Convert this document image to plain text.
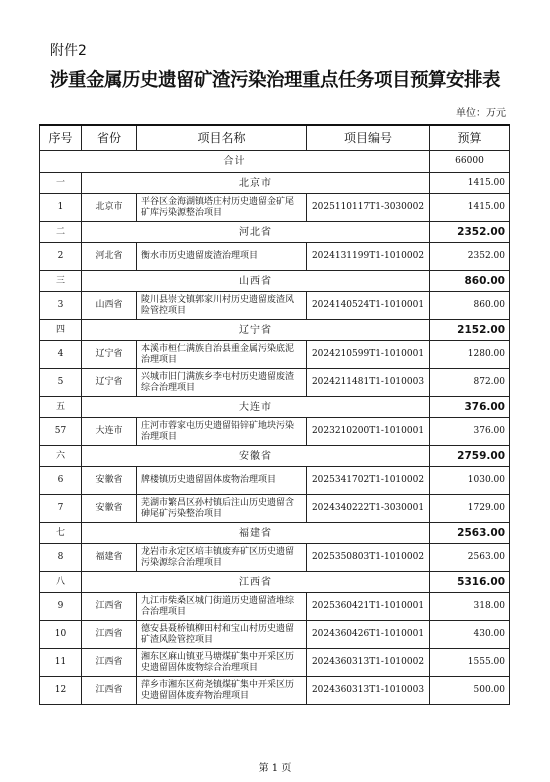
附件2
涉重金属历史遗留矿渣污染治理重点任务项目预算安排表
单位：万元
序号	省份	项目名称	项目编号	预算
合计				66000
一	北京市			1415.00
1	北京市	平谷区金海湖镇塔庄村历史遗留金矿尾矿库污染源整治项目	2025110117T1-3030002	1415.00
二	河北省			2352.00
2	河北省	衡水市历史遗留废渣治理项目	2024131199T1-1010002	2352.00
三	山西省			860.00
3	山西省	陵川县崇文镇郭家川村历史遗留废渣风险管控项目	2024140524T1-1010001	860.00
四	辽宁省			2152.00
4	辽宁省	本溪市桓仁满族自治县重金属污染底泥治理项目	2024210599T1-1010001	1280.00
5	辽宁省	兴城市旧门满族乡李屯村历史遗留废渣综合治理项目	2024211481T1-1010003	872.00
五	大连市			376.00
57	大连市	庄河市蓉家屯历史遗留铅锌矿地块污染治理项目	2023210200T1-1010001	376.00
六	安徽省			2759.00
6	安徽省	牌楼镇历史遗留固体废物治理项目	2025341702T1-1010002	1030.00
7	安徽省	芜湖市繁昌区孙村镇后注山历史遗留含砷尾矿污染整治项目	2024340222T1-3030001	1729.00
七	福建省			2563.00
8	福建省	龙岩市永定区培丰镇废弃矿区历史遗留污染源综合治理项目	2025350803T1-1010002	2563.00
八	江西省			5316.00
9	江西省	九江市柴桑区城门街道历史遗留渣堆综合治理项目	2025360421T1-1010001	318.00
10	江西省	德安县聂桥镇柳田村和宝山村历史遗留矿渣风险管控项目	2024360426T1-1010001	430.00
11	江西省	湘东区麻山镇亚马塘煤矿集中开采区历史遗留固体废物综合治理项目	2024360313T1-1010002	1555.00
12	江西省	萍乡市湘东区荷尧镇煤矿集中开采区历史遗留固体废弃物治理项目	2024360313T1-1010003	500.00
第 1 页
